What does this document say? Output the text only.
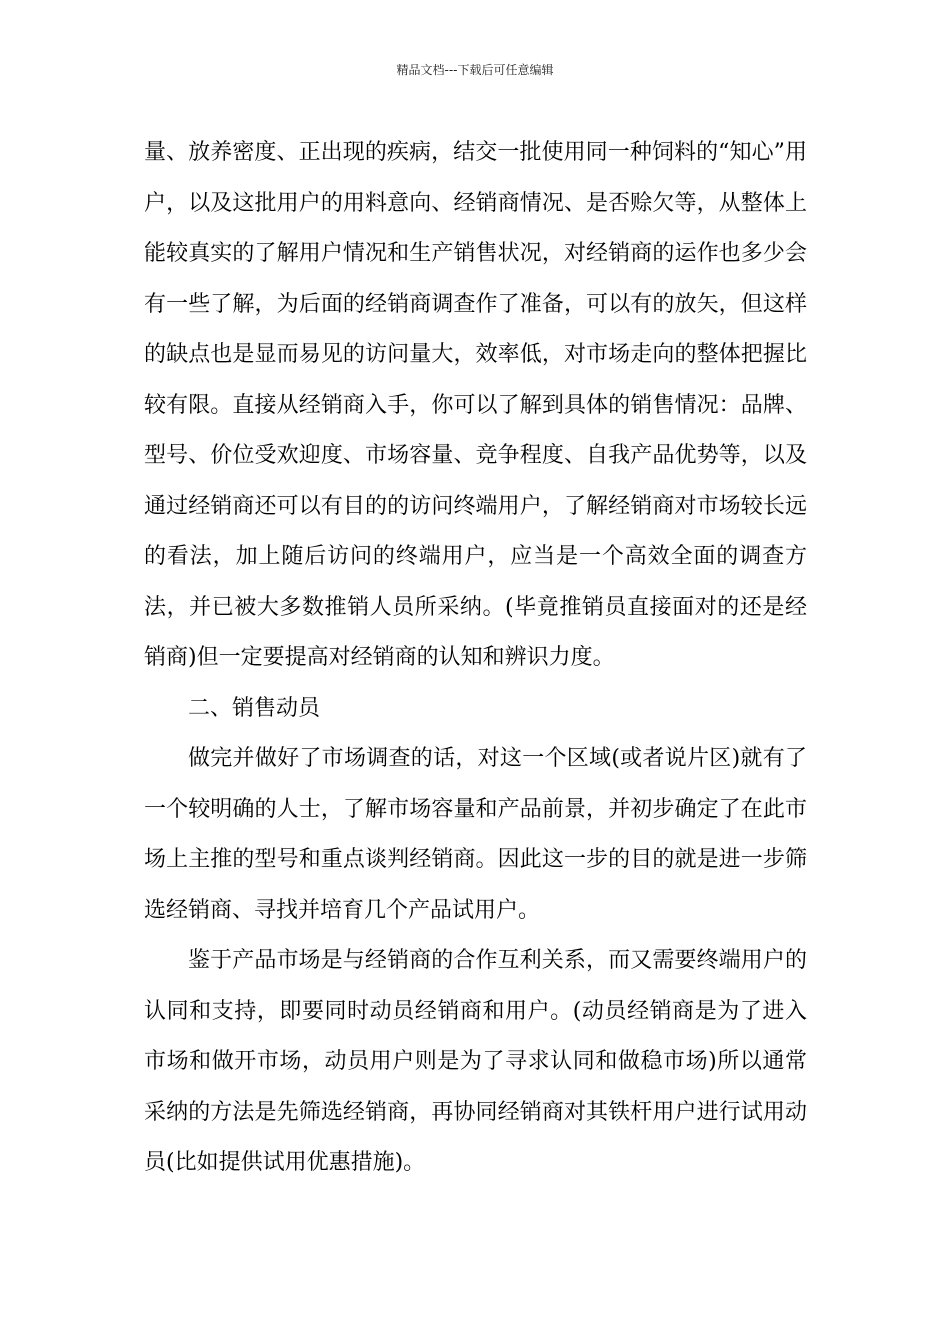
精品文档---下载后可任意编辑

量、放养密度、正出现的疾病，结交一批使用同一种饲料的“知心”用户，以及这批用户的用料意向、经销商情况、是否赊欠等，从整体上能较真实的了解用户情况和生产销售状况，对经销商的运作也多少会有一些了解，为后面的经销商调查作了准备，可以有的放矢，但这样的缺点也是显而易见的访问量大，效率低，对市场走向的整体把握比较有限。直接从经销商入手，你可以了解到具体的销售情况：品牌、型号、价位受欢迎度、市场容量、竞争程度、自我产品优势等，以及通过经销商还可以有目的的访问终端用户，了解经销商对市场较长远的看法，加上随后访问的终端用户，应当是一个高效全面的调查方法，并已被大多数推销人员所采纳。(毕竟推销员直接面对的还是经销商)但一定要提高对经销商的认知和辨识力度。

二、销售动员

做完并做好了市场调查的话，对这一个区域(或者说片区)就有了一个较明确的人士，了解市场容量和产品前景，并初步确定了在此市场上主推的型号和重点谈判经销商。因此这一步的目的就是进一步筛选经销商、寻找并培育几个产品试用户。

鉴于产品市场是与经销商的合作互利关系，而又需要终端用户的认同和支持，即要同时动员经销商和用户。(动员经销商是为了进入市场和做开市场，动员用户则是为了寻求认同和做稳市场)所以通常采纳的方法是先筛选经销商，再协同经销商对其铁杆用户进行试用动员(比如提供试用优惠措施)。
